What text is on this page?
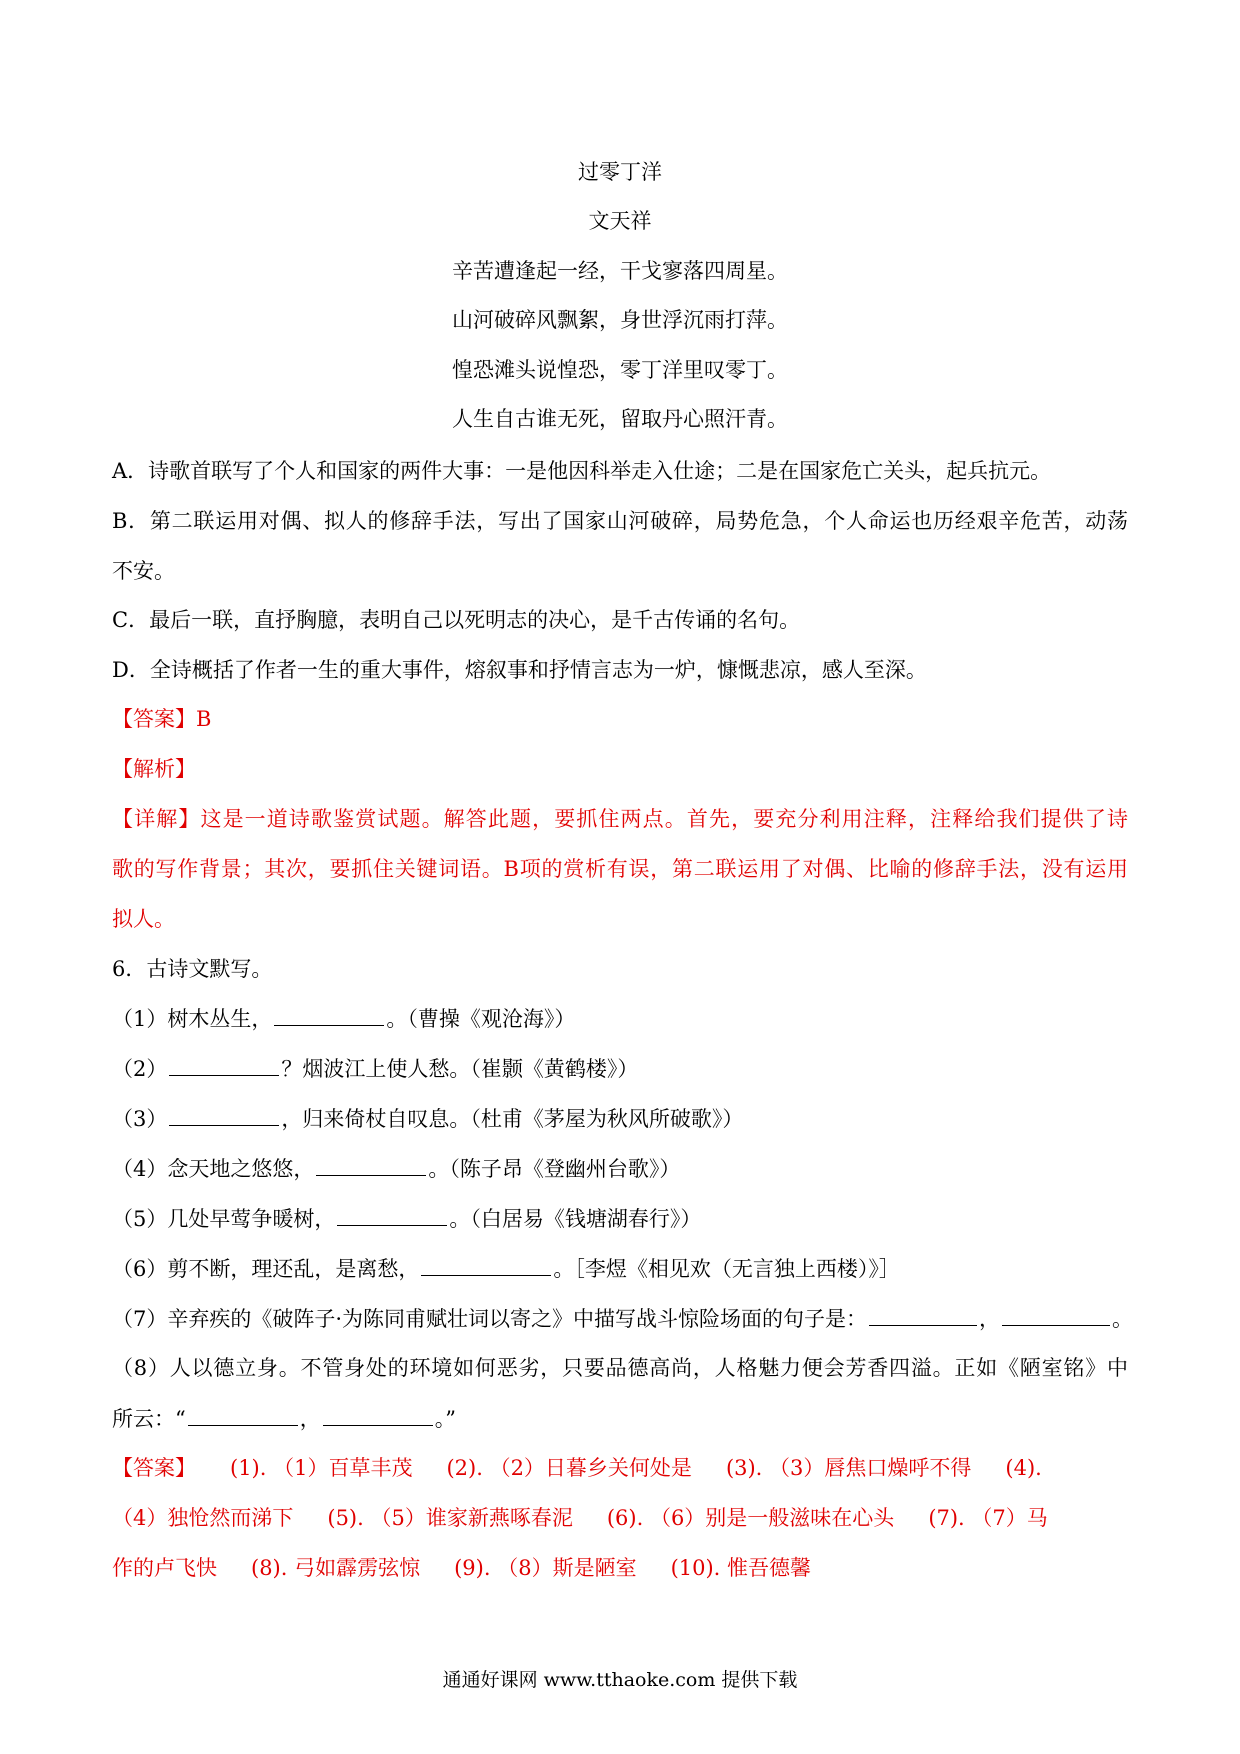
过零丁洋
文天祥
辛苦遭逢起一经，干戈寥落四周星。
山河破碎风飘絮，身世浮沉雨打萍。
惶恐滩头说惶恐，零丁洋里叹零丁。
人生自古谁无死，留取丹心照汗青。
A．诗歌首联写了个人和国家的两件大事：一是他因科举走入仕途；二是在国家危亡关头，起兵抗元。
B．第二联运用对偶、拟人的修辞手法，写出了国家山河破碎，局势危急，个人命运也历经艰辛危苦，动荡
不安。
C．最后一联，直抒胸臆，表明自己以死明志的决心，是千古传诵的名句。
D．全诗概括了作者一生的重大事件，熔叙事和抒情言志为一炉，慷慨悲凉，感人至深。
【答案】B
【解析】
【详解】这是一道诗歌鉴赏试题。解答此题，要抓住两点。首先，要充分利用注释，注释给我们提供了诗
歌的写作背景；其次，要抓住关键词语。B项的赏析有误，第二联运用了对偶、比喻的修辞手法，没有运用
拟人。
6．古诗文默写。
（1）树木丛生，	。（曹操《观沧海》）
（2）	？烟波江上使人愁。（崔颢《黄鹤楼》）
（3）	，归来倚杖自叹息。（杜甫《茅屋为秋风所破歌》）
（4）念天地之悠悠，	。（陈子昂《登幽州台歌》）
（5）几处早莺争暖树，	。（白居易《钱塘湖春行》）
（6）剪不断，理还乱，是离愁，	。［李煜《相见欢（无言独上西楼）》］
（7）辛弃疾的《破阵子·为陈同甫赋壮词以寄之》中描写战斗惊险场面的句子是：	，	。
（8）人以德立身。不管身处的环境如何恶劣，只要品德高尚，人格魅力便会芳香四溢。正如《陋室铭》中
所云：“	，	。”
【答案】 (1). （1）百草丰茂 (2). （2）日暮乡关何处是 (3). （3）唇焦口燥呼不得 (4).
（4）独怆然而涕下 (5). （5）谁家新燕啄春泥 (6). （6）别是一般滋味在心头 (7). （7）马
作的卢飞快 (8). 弓如霹雳弦惊 (9). （8）斯是陋室 (10). 惟吾德馨
通通好课网 www.tthaoke.com 提供下载
